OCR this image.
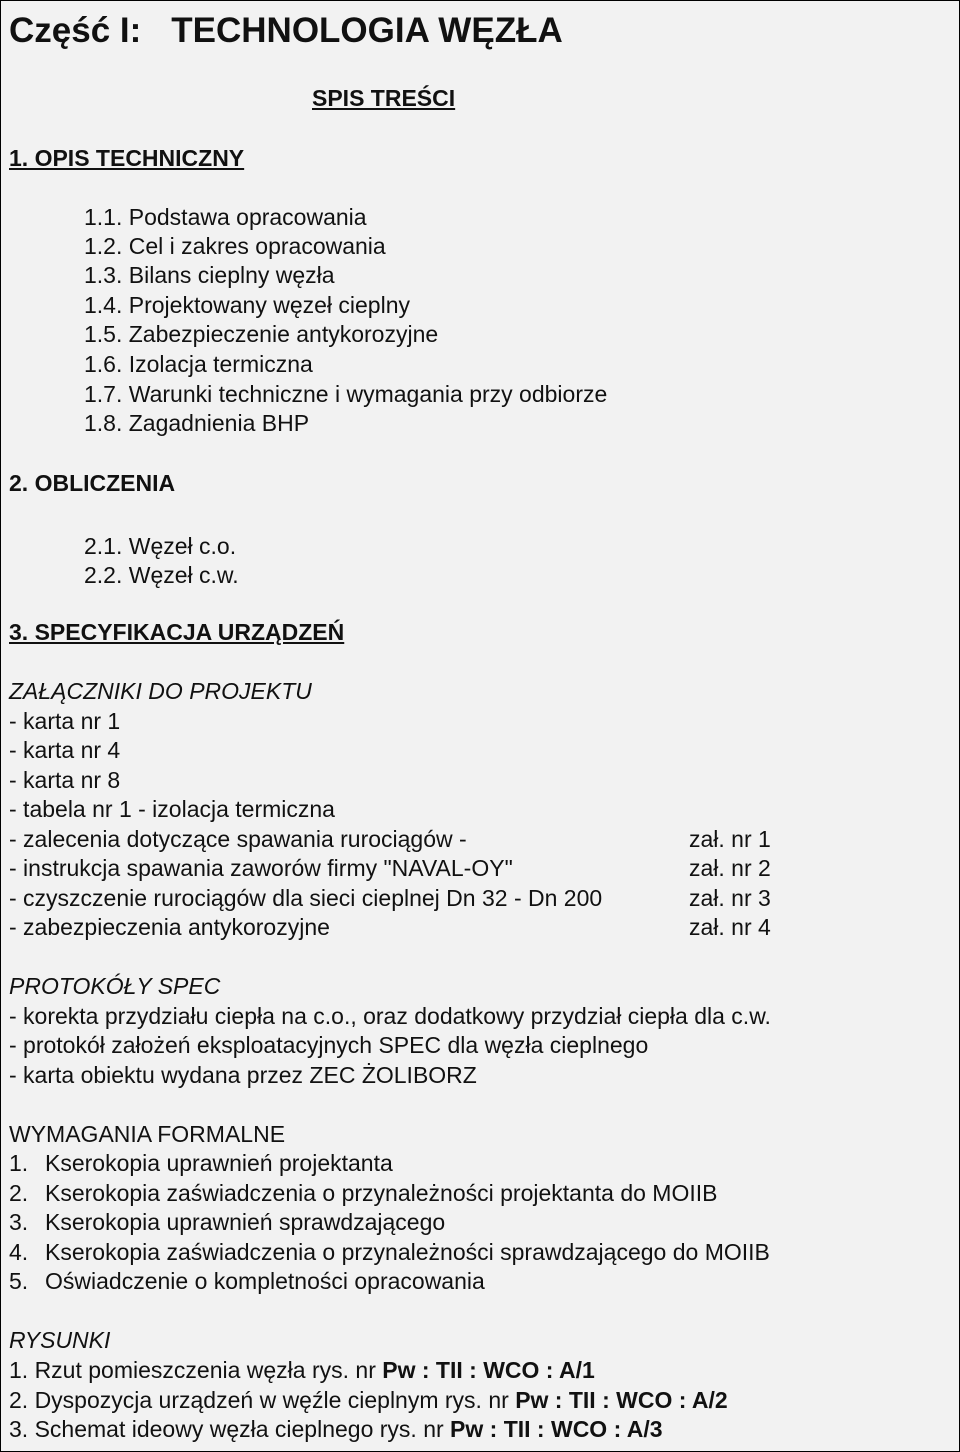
Część I: TECHNOLOGIA WĘZŁA
SPIS TREŚCI
1. OPIS TECHNICZNY
1.1. Podstawa opracowania
1.2. Cel i zakres opracowania
1.3. Bilans cieplny węzła
1.4. Projektowany węzeł cieplny
1.5. Zabezpieczenie antykorozyjne
1.6. Izolacja termiczna
1.7. Warunki techniczne i wymagania przy odbiorze
1.8. Zagadnienia BHP
2. OBLICZENIA
2.1. Węzeł c.o.
2.2. Węzeł c.w.
3. SPECYFIKACJA URZĄDZEŃ
ZAŁĄCZNIKI DO PROJEKTU
- karta nr 1
- karta nr 4
- karta nr 8
- tabela nr 1 - izolacja termiczna
- zalecenia dotyczące spawania rurociągów -	zał. nr 1
- instrukcja spawania zaworów firmy "NAVAL-OY"	zał. nr 2
- czyszczenie rurociągów dla sieci cieplnej Dn 32 - Dn 200	zał. nr 3
- zabezpieczenia antykorozyjne	zał. nr 4
PROTOKÓŁY SPEC
- korekta przydziału ciepła na c.o., oraz dodatkowy przydział ciepła dla c.w.
- protokół założeń eksploatacyjnych SPEC dla węzła cieplnego
- karta obiektu wydana przez ZEC ŻOLIBORZ
WYMAGANIA FORMALNE
1. Kserokopia uprawnień projektanta
2. Kserokopia zaświadczenia o przynależności projektanta do MOIIB
3. Kserokopia uprawnień sprawdzającego
4. Kserokopia zaświadczenia o przynależności sprawdzającego do MOIIB
5. Oświadczenie o kompletności opracowania
RYSUNKI
1. Rzut pomieszczenia węzła rys. nr Pw : TII : WCO : A/1
2. Dyspozycja urządzeń w węźle cieplnym rys. nr Pw : TII : WCO : A/2
3. Schemat ideowy węzła cieplnego rys. nr Pw : TII : WCO : A/3
